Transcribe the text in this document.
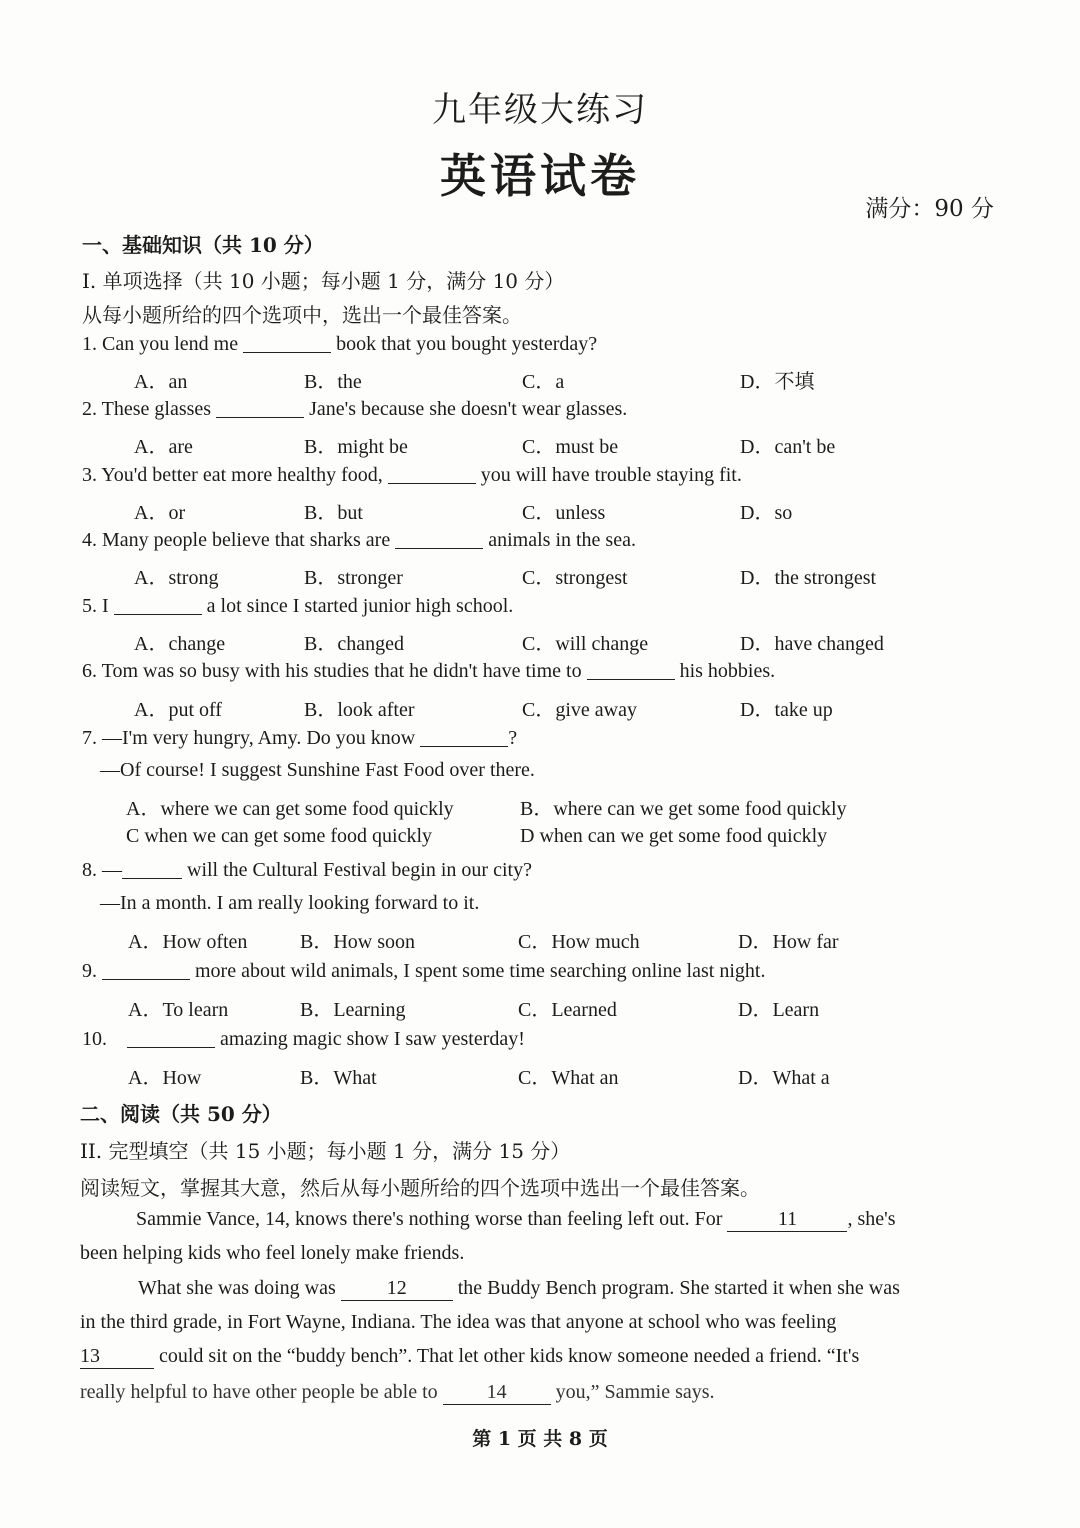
九年级大练习
英语试卷
满分：90 分
一、基础知识（共 10 分）
I. 单项选择（共 10 小题；每小题 1 分，满分 10 分）
从每小题所给的四个选项中，选出一个最佳答案。
1. Can you lend me	book that you bought yesterday?
A．an	B．the	C．a	D．不填
2. These glasses	Jane's because she doesn't wear glasses.
A．are	B．might be	C．must be	D．can't be
3. You'd better eat more healthy food,	you will have trouble staying fit.
A．or	B．but	C．unless	D．so
4. Many people believe that sharks are	animals in the sea.
A．strong	B．stronger	C．strongest	D．the strongest
5. I	a lot since I started junior high school.
A．change	B．changed	C．will change	D．have changed
6. Tom was so busy with his studies that he didn't have time to	his hobbies.
A．put off	B．look after	C．give away	D．take up
7. —I'm very hungry, Amy. Do you know	?
—Of course! I suggest Sunshine Fast Food over there.
A．where we can get some food quickly	B．where can we get some food quickly
C when we can get some food quickly	D when can we get some food quickly
8. —	will the Cultural Festival begin in our city?
—In a month. I am really looking forward to it.
A．How often	B．How soon	C．How much	D．How far
9.	more about wild animals, I spent some time searching online last night.
A．To learn	B．Learning	C．Learned	D．Learn
10.	amazing magic show I saw yesterday!
A．How	B．What	C．What an	D．What a
二、阅读（共 50 分）
II. 完型填空（共 15 小题；每小题 1 分，满分 15 分）
阅读短文，掌握其大意，然后从每小题所给的四个选项中选出一个最佳答案。
Sammie Vance, 14, knows there's nothing worse than feeling left out. For	11	, she's
been helping kids who feel lonely make friends.
What she was doing was	12	the Buddy Bench program. She started it when she was
in the third grade, in Fort Wayne, Indiana. The idea was that anyone at school who was feeling
13	could sit on the “buddy bench”. That let other kids know someone needed a friend. “It's
really helpful to have other people be able to 14 you,” Sammie says.
第 1 页 共 8 页
